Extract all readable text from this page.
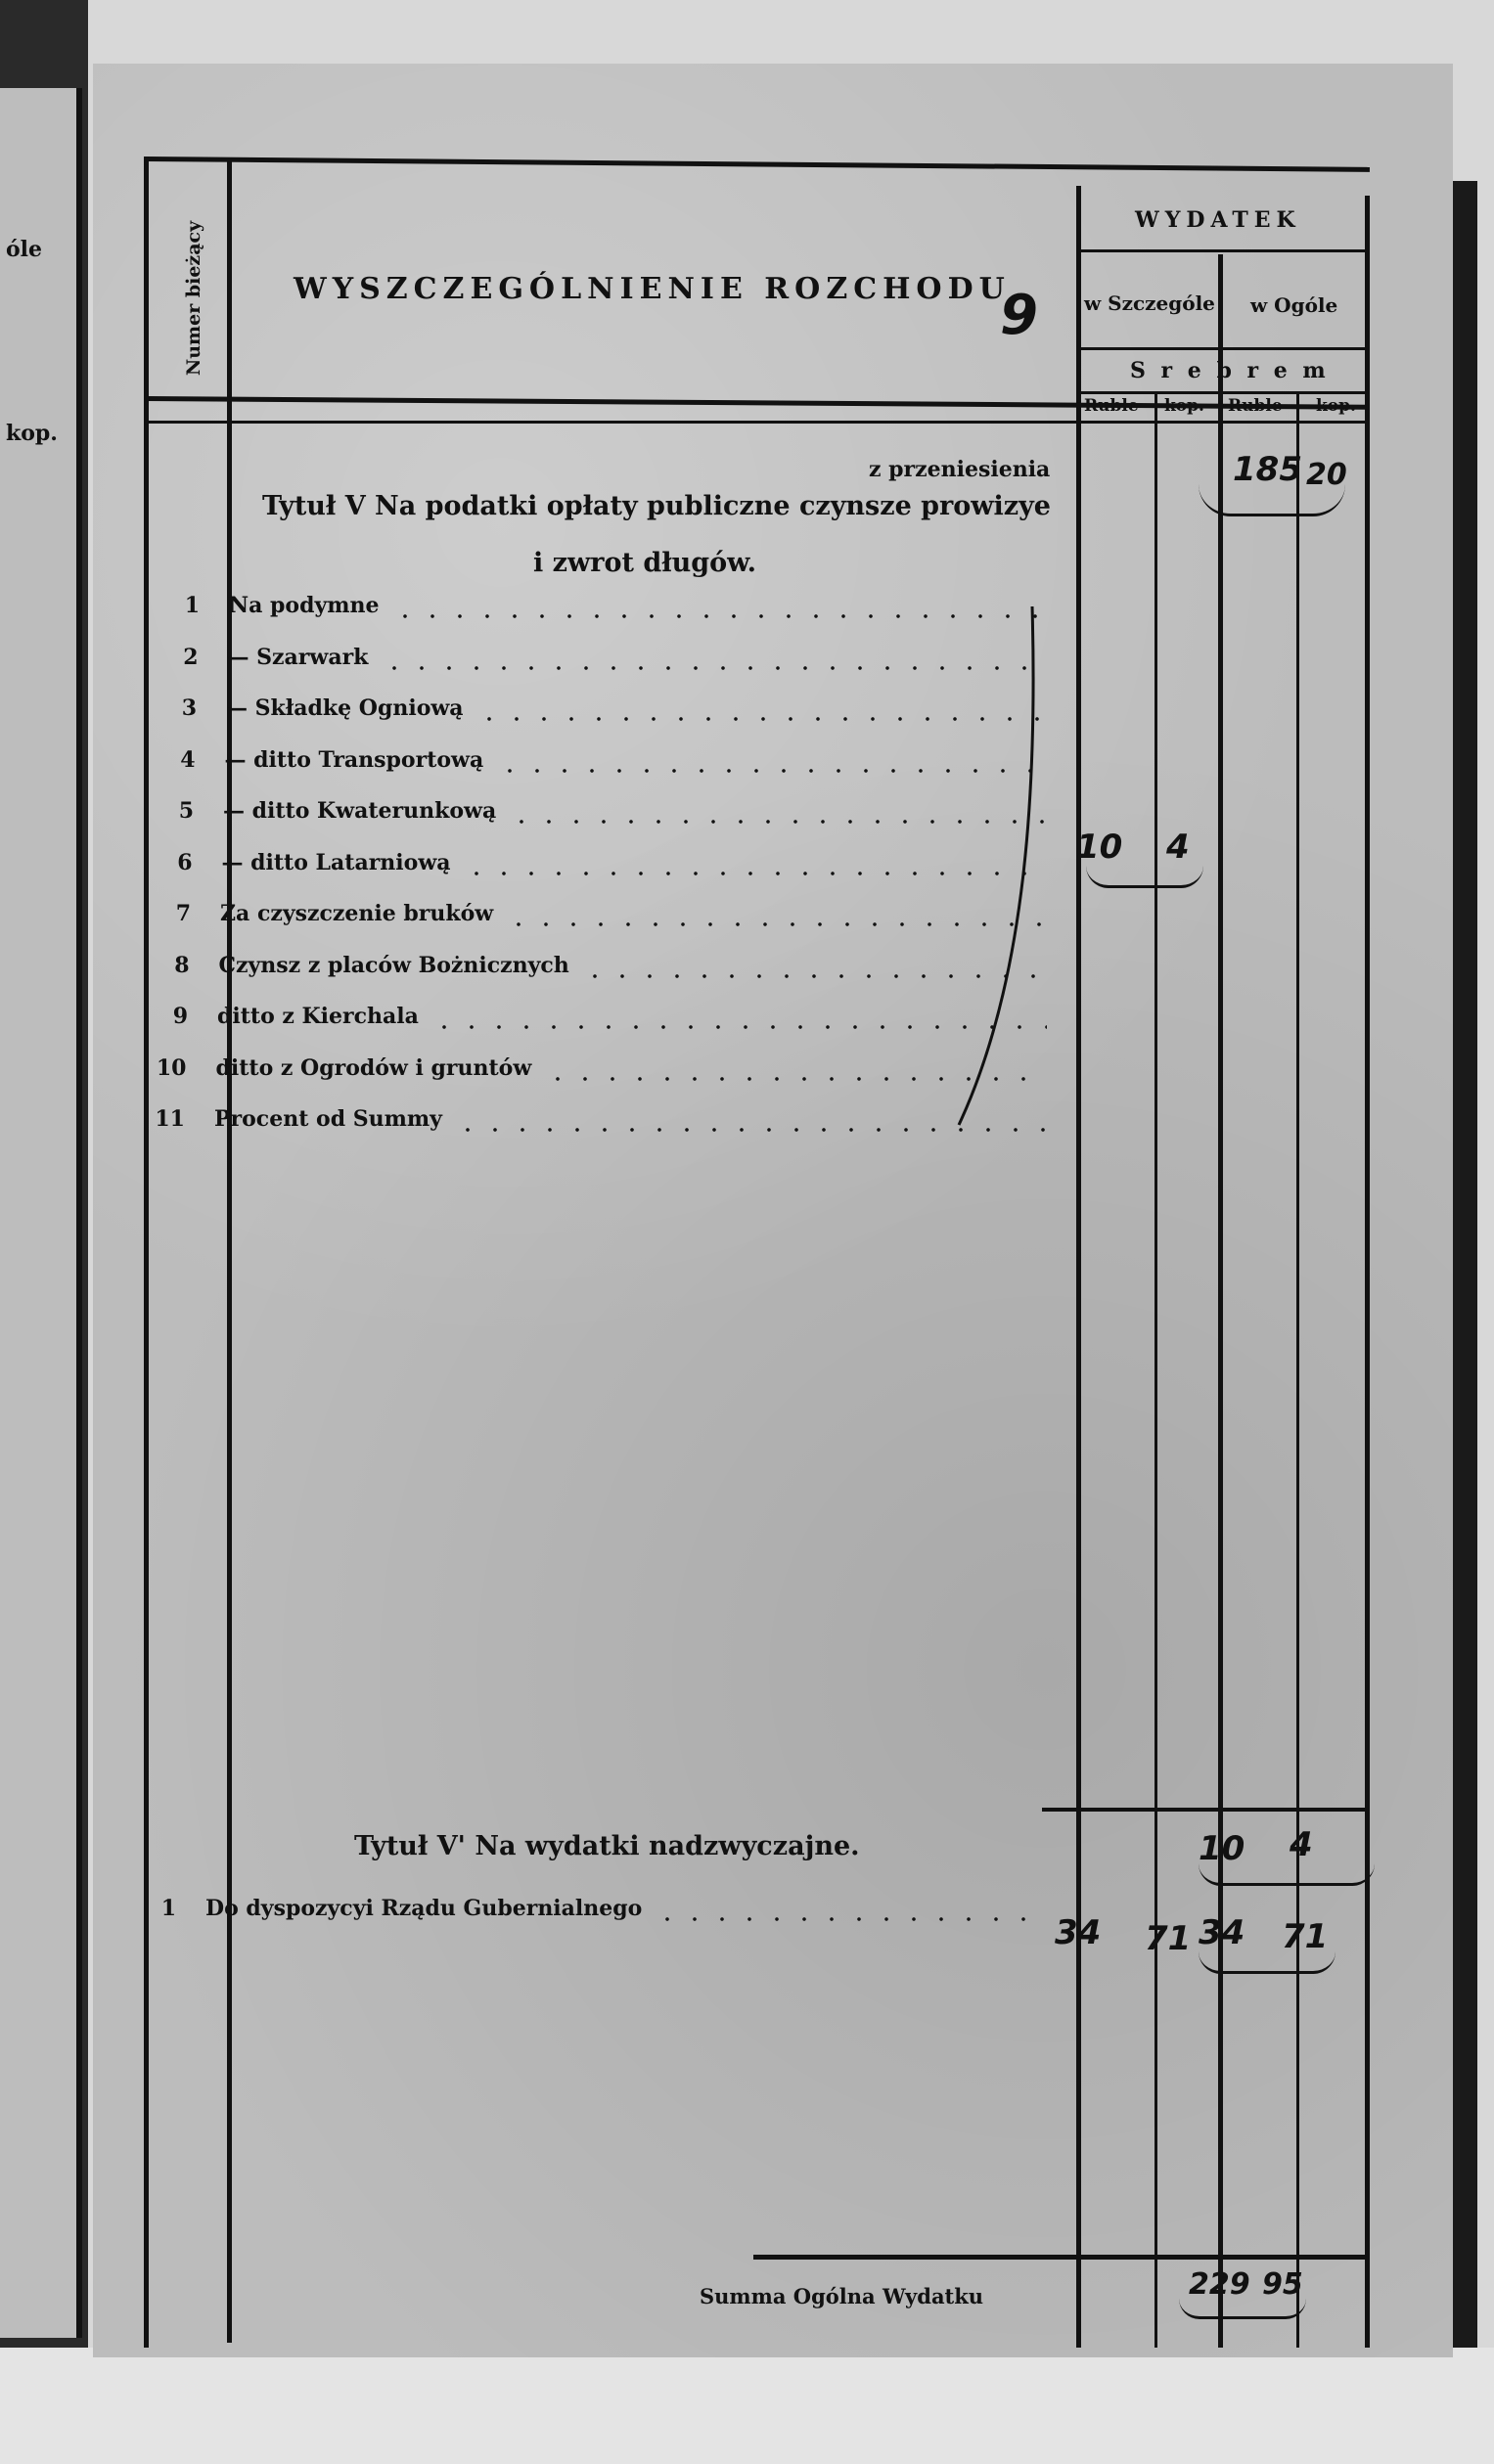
óle
kop.
Numer bieżący	WYSZCZEGÓLNIENIE ROZCHODU
9
WYDATEK
w Szczególe w Ogóle
S r e b r e m
Ruble kop. Ruble kop.
z przeniesienia	185 20
Tytuł V Na podatki opłaty publiczne czynsze prowizye
i zwrot długów.
1 Na podymne
2 — Szarwark
3 — Składkę Ogniową
4 — ditto Transportową
5 — ditto Kwaterunkową
6 — ditto Latarniową
7 Za czyszczenie bruków
8 Czynsz z placów Bożnicznych
9 ditto z Kierchala
10 ditto z Ogrodów i gruntów
11 Procent od Summy
10 4
10 4
Tytuł V' Na wydatki nadzwyczajne.
1 Do dyspozycyi Rządu Gubernialnego
34 71 34 71
Summa Ogólna Wydatku	229 95
